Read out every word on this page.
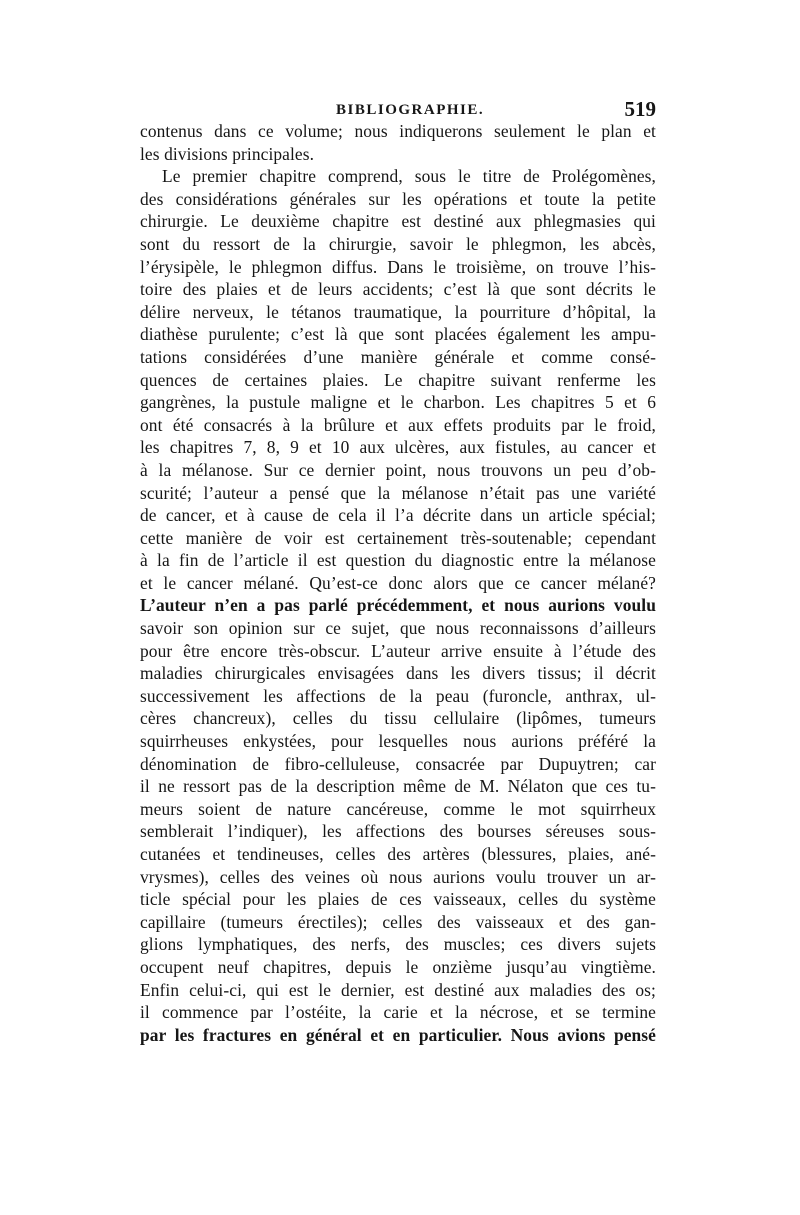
BIBLIOGRAPHIE.	519
contenus dans ce volume; nous indiquerons seulement le plan et
les divisions principales.
Le premier chapitre comprend, sous le titre de Prolégomènes,
des considérations générales sur les opérations et toute la petite
chirurgie. Le deuxième chapitre est destiné aux phlegmasies qui
sont du ressort de la chirurgie, savoir le phlegmon, les abcès,
l’érysipèle, le phlegmon diffus. Dans le troisième, on trouve l’his-
toire des plaies et de leurs accidents; c’est là que sont décrits le
délire nerveux, le tétanos traumatique, la pourriture d’hôpital, la
diathèse purulente; c’est là que sont placées également les ampu-
tations considérées d’une manière générale et comme consé-
quences de certaines plaies. Le chapitre suivant renferme les
gangrènes, la pustule maligne et le charbon. Les chapitres 5 et 6
ont été consacrés à la brûlure et aux effets produits par le froid,
les chapitres 7, 8, 9 et 10 aux ulcères, aux fistules, au cancer et
à la mélanose. Sur ce dernier point, nous trouvons un peu d’ob-
scurité; l’auteur a pensé que la mélanose n’était pas une variété
de cancer, et à cause de cela il l’a décrite dans un article spécial;
cette manière de voir est certainement très-soutenable; cependant
à la fin de l’article il est question du diagnostic entre la mélanose
et le cancer mélané. Qu’est-ce donc alors que ce cancer mélané?
L’auteur n’en a pas parlé précédemment, et nous aurions voulu
savoir son opinion sur ce sujet, que nous reconnaissons d’ailleurs
pour être encore très-obscur. L’auteur arrive ensuite à l’étude des
maladies chirurgicales envisagées dans les divers tissus; il décrit
successivement les affections de la peau (furoncle, anthrax, ul-
cères chancreux), celles du tissu cellulaire (lipômes, tumeurs
squirrheuses enkystées, pour lesquelles nous aurions préféré la
dénomination de fibro-celluleuse, consacrée par Dupuytren; car
il ne ressort pas de la description même de M. Nélaton que ces tu-
meurs soient de nature cancéreuse, comme le mot squirrheux
semblerait l’indiquer), les affections des bourses séreuses sous-
cutanées et tendineuses, celles des artères (blessures, plaies, ané-
vrysmes), celles des veines où nous aurions voulu trouver un ar-
ticle spécial pour les plaies de ces vaisseaux, celles du système
capillaire (tumeurs érectiles); celles des vaisseaux et des gan-
glions lymphatiques, des nerfs, des muscles; ces divers sujets
occupent neuf chapitres, depuis le onzième jusqu’au vingtième.
Enfin celui-ci, qui est le dernier, est destiné aux maladies des os;
il commence par l’ostéite, la carie et la nécrose, et se termine
par les fractures en général et en particulier. Nous avions pensé
